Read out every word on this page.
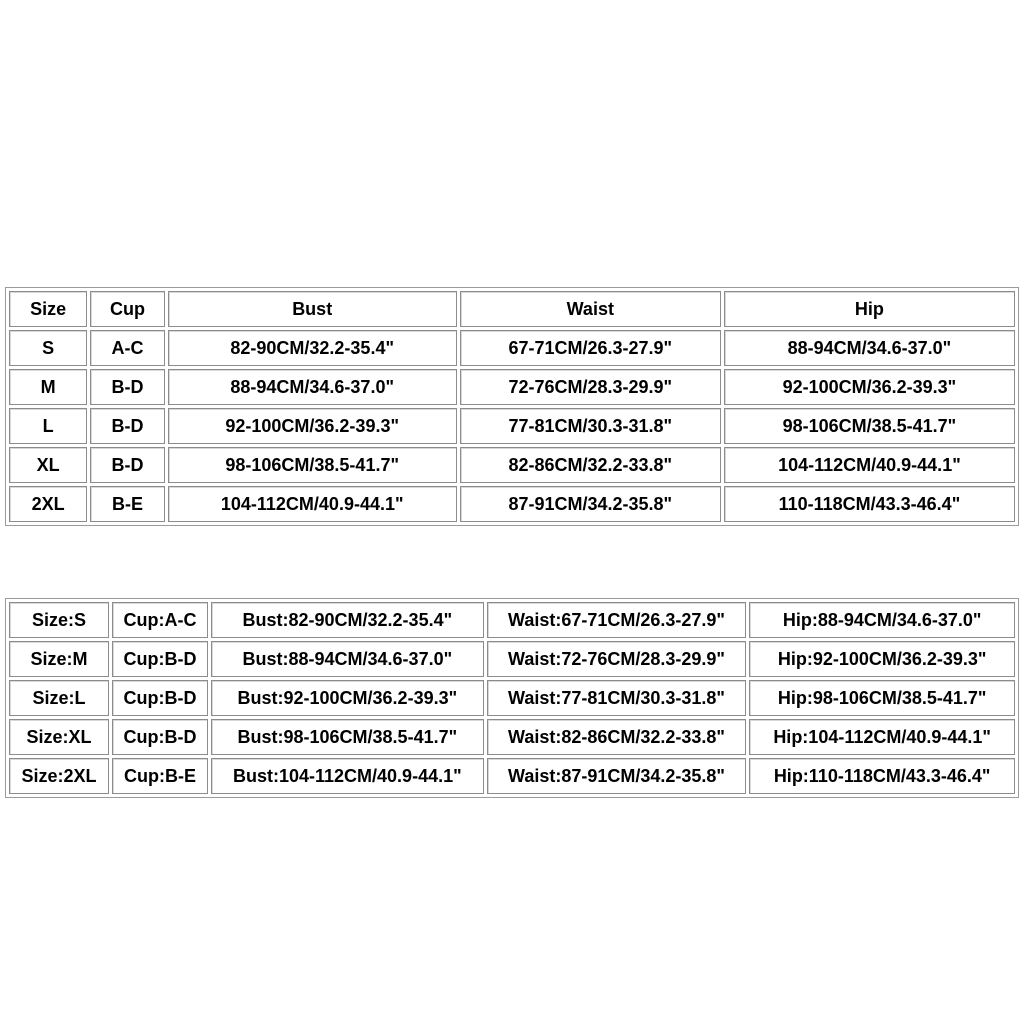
Size	Cup	Bust	Waist	Hip
S	A-C	82-90CM/32.2-35.4"	67-71CM/26.3-27.9"	88-94CM/34.6-37.0"
M	B-D	88-94CM/34.6-37.0"	72-76CM/28.3-29.9"	92-100CM/36.2-39.3"
L	B-D	92-100CM/36.2-39.3"	77-81CM/30.3-31.8"	98-106CM/38.5-41.7"
XL	B-D	98-106CM/38.5-41.7"	82-86CM/32.2-33.8"	104-112CM/40.9-44.1"
2XL	B-E	104-112CM/40.9-44.1"	87-91CM/34.2-35.8"	110-118CM/43.3-46.4"
Size:S	Cup:A-C	Bust:82-90CM/32.2-35.4"	Waist:67-71CM/26.3-27.9"	Hip:88-94CM/34.6-37.0"
Size:M	Cup:B-D	Bust:88-94CM/34.6-37.0"	Waist:72-76CM/28.3-29.9"	Hip:92-100CM/36.2-39.3"
Size:L	Cup:B-D	Bust:92-100CM/36.2-39.3"	Waist:77-81CM/30.3-31.8"	Hip:98-106CM/38.5-41.7"
Size:XL	Cup:B-D	Bust:98-106CM/38.5-41.7"	Waist:82-86CM/32.2-33.8"	Hip:104-112CM/40.9-44.1"
Size:2XL	Cup:B-E	Bust:104-112CM/40.9-44.1"	Waist:87-91CM/34.2-35.8"	Hip:110-118CM/43.3-46.4"
